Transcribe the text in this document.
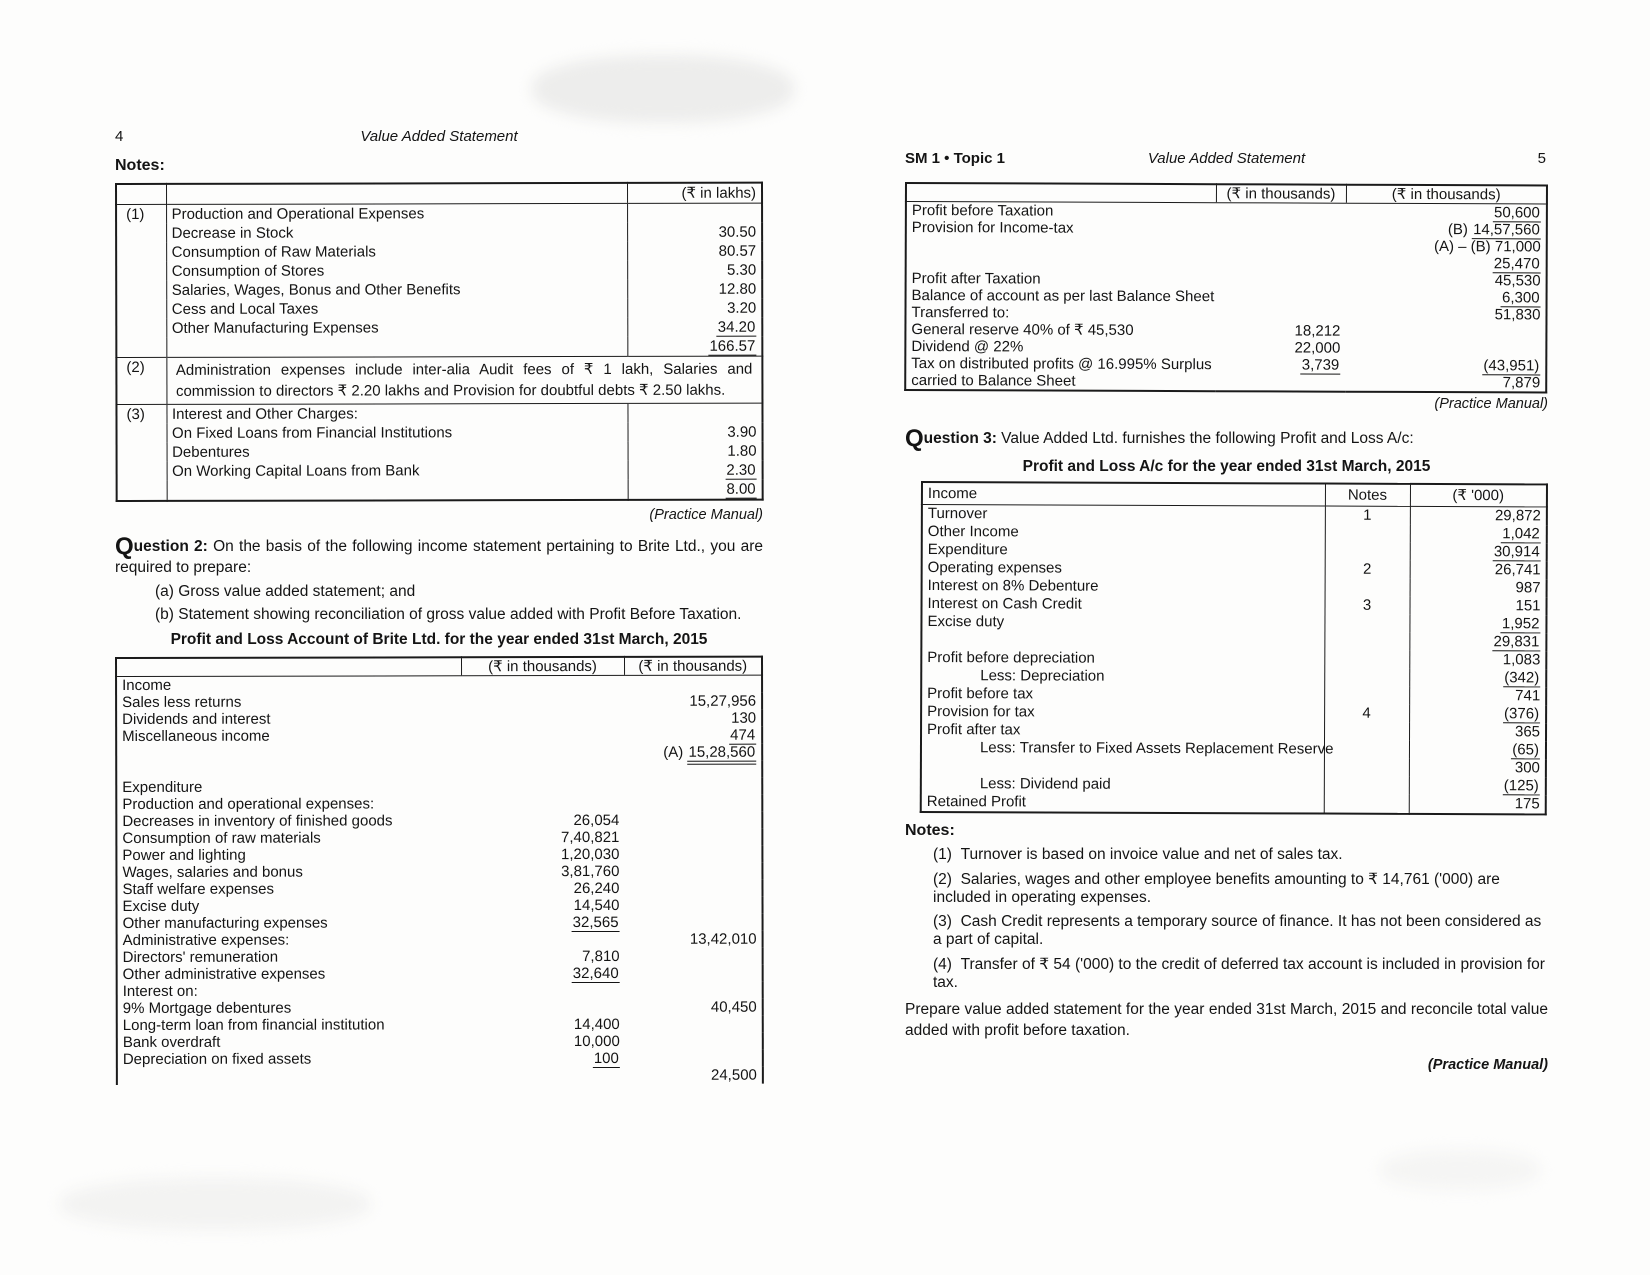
4	Value Added Statement
Notes:
		(₹ in lakhs)
(1)	Production and Operational Expenses	
	Decrease in Stock	30.50
	Consumption of Raw Materials	80.57
	Consumption of Stores	5.30
	Salaries, Wages, Bonus and Other Benefits	12.80
	Cess and Local Taxes	3.20
	Other Manufacturing Expenses	34.20
		166.57
(2)	Administration expenses include inter-alia Audit fees of ₹ 1 lakh, Salaries and commission to directors ₹ 2.20 lakhs and Provision for doubtful debts ₹ 2.50 lakhs.	
(3)	Interest and Other Charges:	
	On Fixed Loans from Financial Institutions	3.90
	Debentures	1.80
	On Working Capital Loans from Bank	2.30
		8.00
(Practice Manual)

Question 2: On the basis of the following income statement pertaining to Brite Ltd., you are required to prepare:

(a) Gross value added statement; and
(b) Statement showing reconciliation of gross value added with Profit Before Taxation.
Profit and Loss Account of Brite Ltd. for the year ended 31st March, 2015
	(₹ in thousands)	(₹ in thousands)
Income		
Sales less returns		15,27,956
Dividends and interest		130
Miscellaneous income		474
		(A) 15,28,560

Expenditure		
Production and operational expenses:		
Decreases in inventory of finished goods	26,054	
Consumption of raw materials	7,40,821	
Power and lighting	1,20,030	
Wages, salaries and bonus	3,81,760	
Staff welfare expenses	26,240	
Excise duty	14,540	
Other manufacturing expenses	32,565	
Administrative expenses:		13,42,010
Directors' remuneration	7,810	
Other administrative expenses	32,640	
Interest on:		
9% Mortgage debentures		40,450
Long-term loan from financial institution	14,400	
Bank overdraft	10,000	
Depreciation on fixed assets	100	
		24,500
SM 1 • Topic 1	Value Added Statement	5
	(₹ in thousands)	(₹ in thousands)
Profit before Taxation		50,600
Provision for Income-tax		(B) 14,57,560
		(A) – (B) 71,000
		25,470
Profit after Taxation		45,530
Balance of account as per last Balance Sheet		6,300
Transferred to:		51,830
General reserve 40% of ₹ 45,530	18,212	
Dividend @ 22%	22,000	
Tax on distributed profits @ 16.995% Surplus	3,739	(43,951)
carried to Balance Sheet		7,879
(Practice Manual)

Question 3: Value Added Ltd. furnishes the following Profit and Loss A/c:

Profit and Loss A/c for the year ended 31st March, 2015
Income	Notes	(₹ '000)
Turnover	1	29,872
Other Income		1,042
Expenditure		30,914
Operating expenses	2	26,741
Interest on 8% Debenture		987
Interest on Cash Credit	3	151
Excise duty		1,952
		29,831
Profit before depreciation		1,083
Less: Depreciation		(342)
Profit before tax		741
Provision for tax	4	(376)
Profit after tax		365
Less: Transfer to Fixed Assets Replacement Reserve		(65)
		300
Less: Dividend paid		(125)
Retained Profit		175
Notes:
(1) Turnover is based on invoice value and net of sales tax.
(2) Salaries, wages and other employee benefits amounting to ₹ 14,761 ('000) are included in operating expenses.
(3) Cash Credit represents a temporary source of finance. It has not been considered as a part of capital.
(4) Transfer of ₹ 54 ('000) to the credit of deferred tax account is included in provision for tax.

Prepare value added statement for the year ended 31st March, 2015 and reconcile total value added with profit before taxation.

(Practice Manual)
